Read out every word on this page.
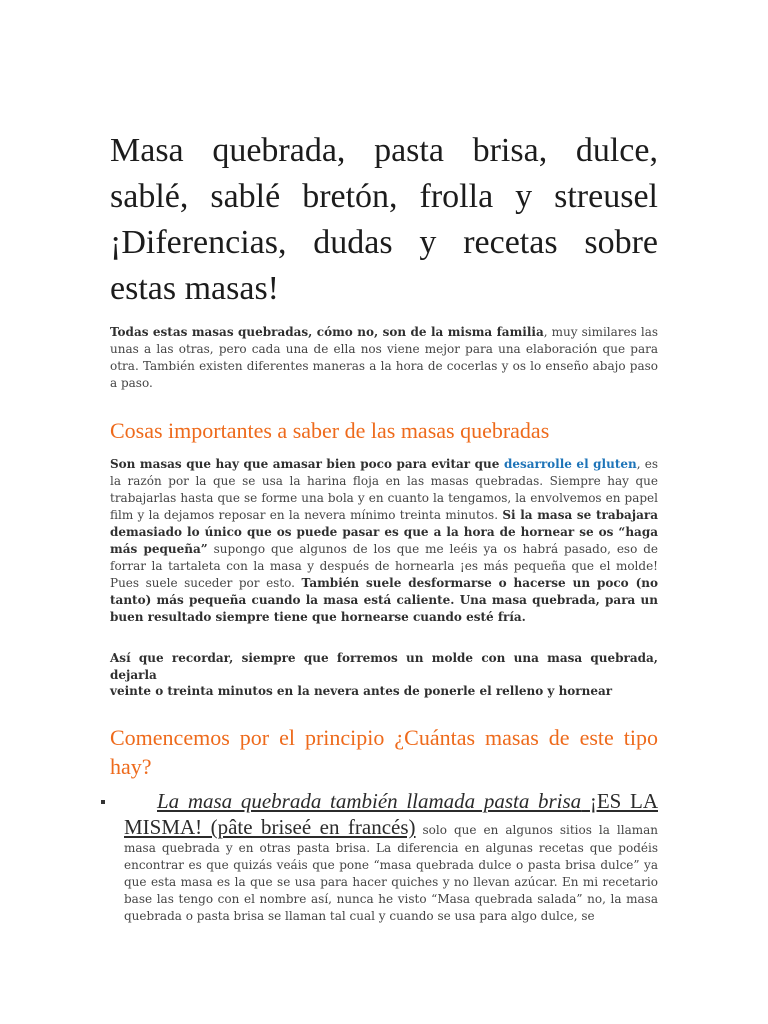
Masa quebrada, pasta brisa, dulce, sablé, sablé bretón, frolla y streusel ¡Diferencias, dudas y recetas sobre estas masas!

Todas estas masas quebradas, cómo no, son de la misma familia, muy similares las unas a las otras, pero cada una de ella nos viene mejor para una elaboración que para otra. También existen diferentes maneras a la hora de cocerlas y os lo enseño abajo paso a paso.

Cosas importantes a saber de las masas quebradas

Son masas que hay que amasar bien poco para evitar que desarrolle el gluten, es la razón por la que se usa la harina floja en las masas quebradas. Siempre hay que trabajarlas hasta que se forme una bola y en cuanto la tengamos, la envolvemos en papel film y la dejamos reposar en la nevera mínimo treinta minutos. Si la masa se trabajara demasiado lo único que os puede pasar es que a la hora de hornear se os “haga más pequeña” supongo que algunos de los que me leéis ya os habrá pasado, eso de forrar la tartaleta con la masa y después de hornearla ¡es más pequeña que el molde! Pues suele suceder por esto. También suele desformarse o hacerse un poco (no tanto) más pequeña cuando la masa está caliente. Una masa quebrada, para un buen resultado siempre tiene que hornearse cuando esté fría.

Así que recordar, siempre que forremos un molde con una masa quebrada, dejarla

veinte o treinta minutos en la nevera antes de ponerle el relleno y hornear

Comencemos por el principio ¿Cuántas masas de este tipo hay?
La masa quebrada también llamada pasta brisa ¡ES LA MISMA! (pâte briseé en francés) solo que en algunos sitios la llaman masa quebrada y en otras pasta brisa. La diferencia en algunas recetas que podéis encontrar es que quizás veáis que pone “masa quebrada dulce o pasta brisa dulce” ya que esta masa es la que se usa para hacer quiches y no llevan azúcar. En mi recetario base las tengo con el nombre así, nunca he visto “Masa quebrada salada” no, la masa quebrada o pasta brisa se llaman tal cual y cuando se usa para algo dulce, se
